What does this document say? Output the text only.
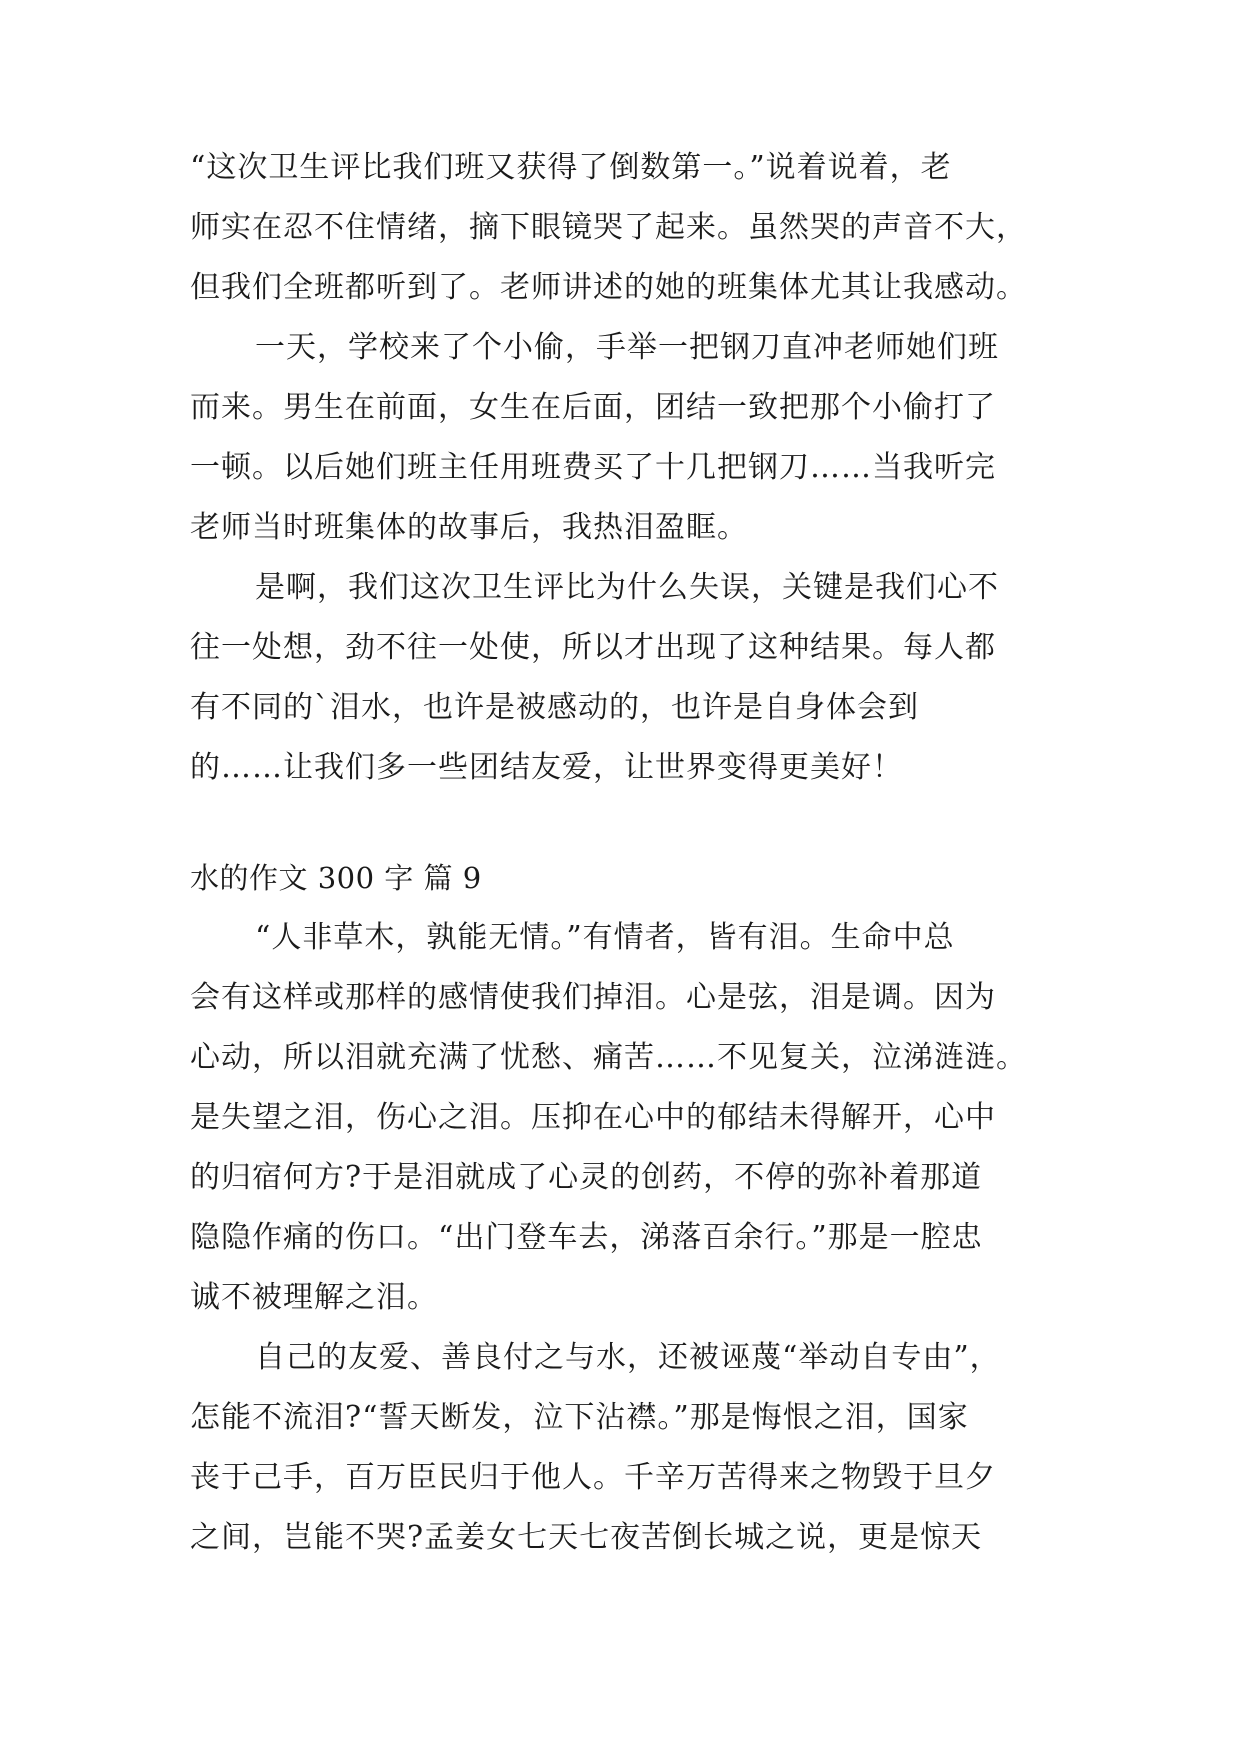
“这次卫生评比我们班又获得了倒数第一。”说着说着，老
师实在忍不住情绪，摘下眼镜哭了起来。虽然哭的声音不大，
但我们全班都听到了。老师讲述的她的班集体尤其让我感动。
一天，学校来了个小偷，手举一把钢刀直冲老师她们班
而来。男生在前面，女生在后面，团结一致把那个小偷打了
一顿。以后她们班主任用班费买了十几把钢刀……当我听完
老师当时班集体的故事后，我热泪盈眶。
是啊，我们这次卫生评比为什么失误，关键是我们心不
往一处想，劲不往一处使，所以才出现了这种结果。每人都
有不同的`泪水，也许是被感动的，也许是自身体会到
的……让我们多一些团结友爱，让世界变得更美好！
水的作文 300 字 篇 9
“人非草木，孰能无情。”有情者，皆有泪。生命中总
会有这样或那样的感情使我们掉泪。心是弦，泪是调。因为
心动，所以泪就充满了忧愁、痛苦……不见复关，泣涕涟涟。
是失望之泪，伤心之泪。压抑在心中的郁结未得解开，心中
的归宿何方?于是泪就成了心灵的创药，不停的弥补着那道
隐隐作痛的伤口。“出门登车去，涕落百余行。”那是一腔忠
诚不被理解之泪。
自己的友爱、善良付之与水，还被诬蔑“举动自专由”，
怎能不流泪?“誓天断发，泣下沾襟。”那是悔恨之泪，国家
丧于己手，百万臣民归于他人。千辛万苦得来之物毁于旦夕
之间，岂能不哭?孟姜女七天七夜苦倒长城之说，更是惊天
